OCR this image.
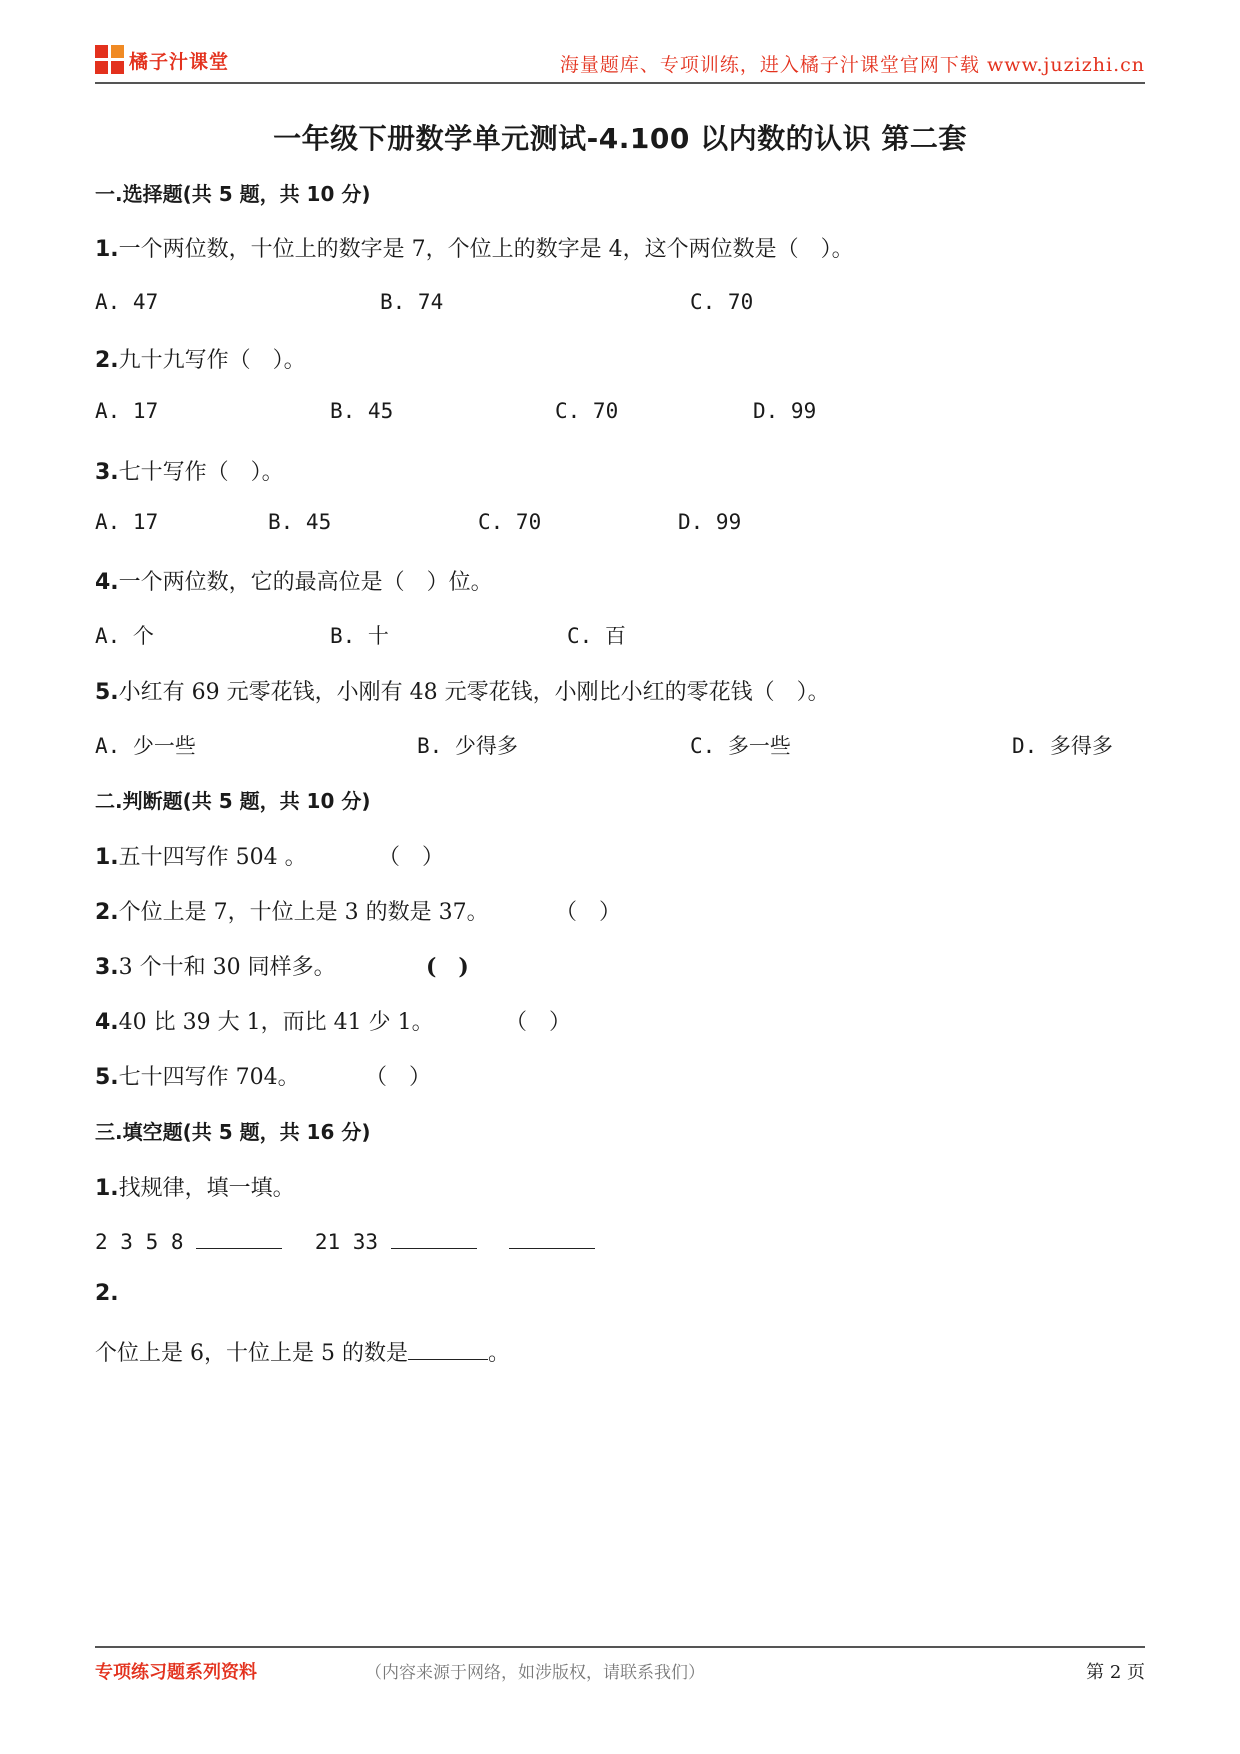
橘子汁课堂	海量题库、专项训练，进入橘子汁课堂官网下载 www.juzizhi.cn
一年级下册数学单元测试-4.100 以内数的认识 第二套
一.选择题(共 5 题，共 10 分)
1.一个两位数，十位上的数字是 7，个位上的数字是 4，这个两位数是（　）。
A. 47	B. 74	C. 70
2.九十九写作（　）。
A. 17	B. 45	C. 70	D. 99
3.七十写作（　）。
A. 17	B. 45	C. 70	D. 99
4.一个两位数，它的最高位是（　）位。
A. 个	B. 十	C. 百
5.小红有 69 元零花钱，小刚有 48 元零花钱，小刚比小红的零花钱（　）。
A. 少一些	B. 少得多	C. 多一些	D. 多得多
二.判断题(共 5 题，共 10 分)
1.五十四写作 504 。	（　）
2.个位上是 7，十位上是 3 的数是 37。	（　）
3.3 个十和 30 同样多。	(　)
4.40 比 39 大 1，而比 41 少 1。	（　）
5.七十四写作 704。	（　）
三.填空题(共 5 题，共 16 分)
1.找规律，填一填。
2 3 5 8	21 33
2.
个位上是 6，十位上是 5 的数是	。
专项练习题系列资料	（内容来源于网络，如涉版权，请联系我们）	第 2 页
